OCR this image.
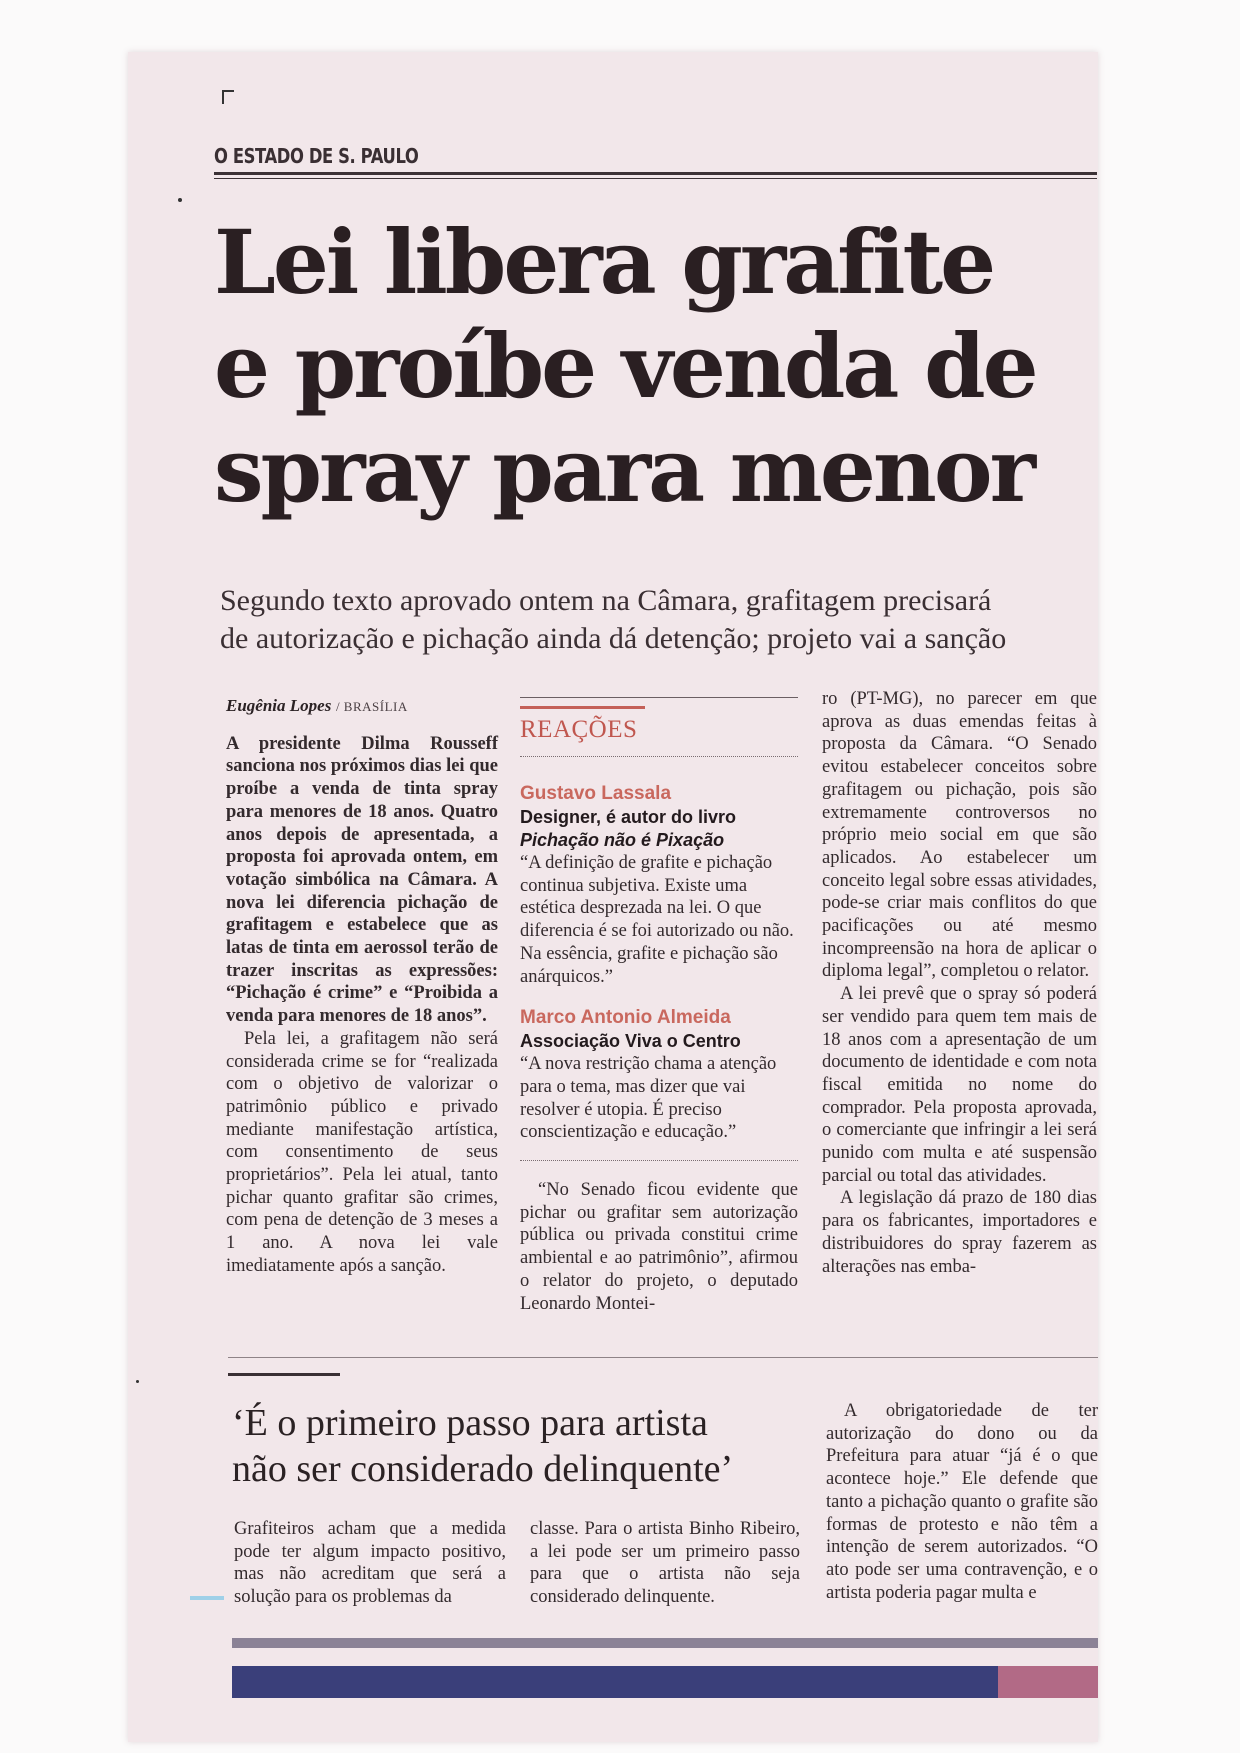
O ESTADO DE S. PAULO
Lei libera grafite
e proíbe venda de
spray para menor
Segundo texto aprovado ontem na Câmara, grafitagem precisará
de autorização e pichação ainda dá detenção; projeto vai a sanção
Eugênia Lopes / BRASÍLIA

A presidente Dilma Rousseff sanciona nos próximos dias lei que proíbe a venda de tinta spray para menores de 18 anos. Quatro anos depois de apresentada, a proposta foi aprovada ontem, em votação simbólica na Câmara. A nova lei diferencia pichação de grafitagem e estabelece que as latas de tinta em aerossol terão de trazer inscritas as expressões: “Pichação é crime” e “Proibida a venda para menores de 18 anos”.

Pela lei, a grafitagem não será considerada crime se for “realizada com o objetivo de valorizar o patrimônio público e privado mediante manifestação artística, com consentimento de seus proprietários”. Pela lei atual, tanto pichar quanto grafitar são crimes, com pena de detenção de 3 meses a 1 ano. A nova lei vale imediatamente após a sanção.

REAÇÕES
Gustavo Lassala
Designer, é autor do livro
Pichação não é Pixação

“A definição de grafite e pichação continua subjetiva. Existe uma estética desprezada na lei. O que diferencia é se foi autorizado ou não. Na essência, grafite e pichação são anárquicos.”

Marco Antonio Almeida
Associação Viva o Centro

“A nova restrição chama a atenção para o tema, mas dizer que vai resolver é utopia. É preciso conscientização e educação.”

“No Senado ficou evidente que pichar ou grafitar sem autorização pública ou privada constitui crime ambiental e ao patrimônio”, afirmou o relator do projeto, o deputado Leonardo Montei-

ro (PT-MG), no parecer em que aprova as duas emendas feitas à proposta da Câmara. “O Senado evitou estabelecer conceitos sobre grafitagem ou pichação, pois são extremamente controversos no próprio meio social em que são aplicados. Ao estabelecer um conceito legal sobre essas atividades, pode-se criar mais conflitos do que pacificações ou até mesmo incompreensão na hora de aplicar o diploma legal”, completou o relator.

A lei prevê que o spray só poderá ser vendido para quem tem mais de 18 anos com a apresentação de um documento de identidade e com nota fiscal emitida no nome do comprador. Pela proposta aprovada, o comerciante que infringir a lei será punido com multa e até suspensão parcial ou total das atividades.

A legislação dá prazo de 180 dias para os fabricantes, importadores e distribuidores do spray fazerem as alterações nas emba-

‘É o primeiro passo para artista
não ser considerado delinquente’

Grafiteiros acham que a medida pode ter algum impacto positivo, mas não acreditam que será a solução para os problemas da

classe. Para o artista Binho Ribeiro, a lei pode ser um primeiro passo para que o artista não seja considerado delinquente.

A obrigatoriedade de ter autorização do dono ou da Prefeitura para atuar “já é o que acontece hoje.” Ele defende que tanto a pichação quanto o grafite são formas de protesto e não têm a intenção de serem autorizados. “O ato pode ser uma contravenção, e o artista poderia pagar multa e
